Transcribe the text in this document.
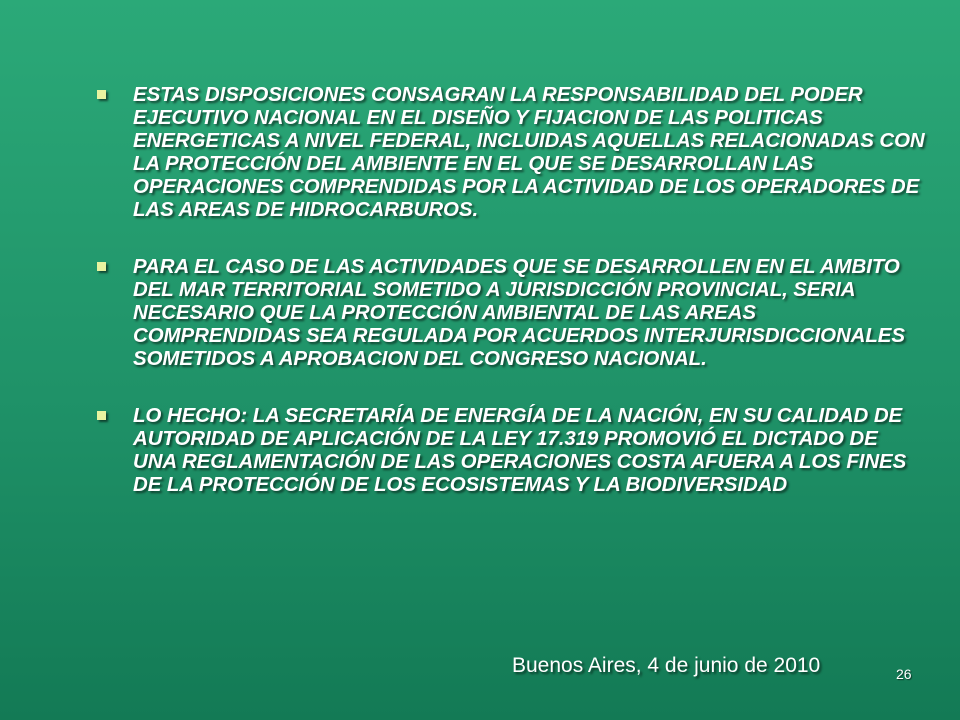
ESTAS DISPOSICIONES CONSAGRAN LA RESPONSABILIDAD DEL PODER EJECUTIVO NACIONAL EN EL DISEÑO Y FIJACION DE LAS POLITICAS ENERGETICAS A NIVEL FEDERAL, INCLUIDAS AQUELLAS RELACIONADAS CON LA PROTECCIÓN DEL AMBIENTE EN EL QUE SE DESARROLLAN LAS OPERACIONES COMPRENDIDAS POR LA ACTIVIDAD DE LOS OPERADORES DE LAS AREAS DE HIDROCARBUROS.
PARA EL CASO DE LAS ACTIVIDADES QUE SE DESARROLLEN EN EL AMBITO DEL MAR TERRITORIAL SOMETIDO A JURISDICCIÓN PROVINCIAL, SERIA NECESARIO QUE LA PROTECCIÓN AMBIENTAL DE LAS AREAS COMPRENDIDAS SEA REGULADA POR ACUERDOS INTERJURISDICCIONALES SOMETIDOS A APROBACION DEL CONGRESO NACIONAL.
LO HECHO: LA SECRETARÍA DE ENERGÍA DE LA NACIÓN, EN SU CALIDAD DE AUTORIDAD DE APLICACIÓN DE LA LEY 17.319 PROMOVIÓ EL DICTADO DE UNA REGLAMENTACIÓN DE LAS OPERACIONES COSTA AFUERA A LOS FINES DE LA PROTECCIÓN DE LOS ECOSISTEMAS Y LA BIODIVERSIDAD
Buenos Aires, 4 de junio de 2010	26
